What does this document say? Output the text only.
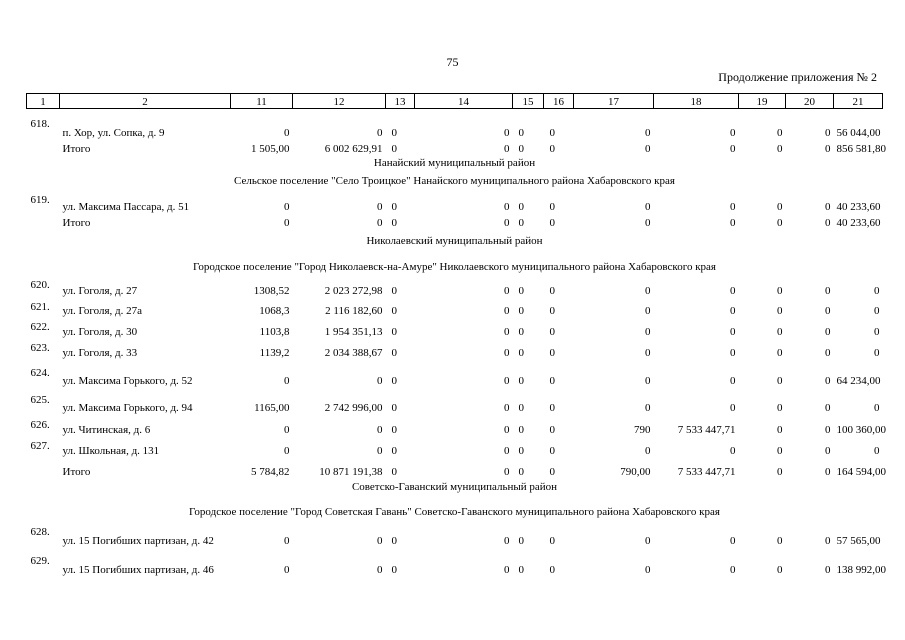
75
Продолжение приложения № 2
1	2	11	12	13	14	15	16	17	18	19	20	21
618.	п. Хор, ул. Сопка, д. 9	0	0	0	0	0	0	0	0	0	0	56 044,00
	Итого	1 505,00	6 002 629,91	0	0	0	0	0	0	0	0	856 581,80
Нанайский муниципальный район												
Сельское поселение "Село Троицкое" Нанайского муниципального района Хабаровского края												
619.	ул. Максима Пассара, д. 51	0	0	0	0	0	0	0	0	0	0	40 233,60
	Итого	0	0	0	0	0	0	0	0	0	0	40 233,60
Николаевский муниципальный район												
Городское поселение "Город Николаевск-на-Амуре" Николаевского муниципального района Хабаровского края												
620.	ул. Гоголя, д. 27	1308,52	2 023 272,98	0	0	0	0	0	0	0	0	0
621.	ул. Гоголя, д. 27а	1068,3	2 116 182,60	0	0	0	0	0	0	0	0	0
622.	ул. Гоголя, д. 30	1103,8	1 954 351,13	0	0	0	0	0	0	0	0	0
623.	ул. Гоголя, д. 33	1139,2	2 034 388,67	0	0	0	0	0	0	0	0	0
624.	ул. Максима Горького, д. 52	0	0	0	0	0	0	0	0	0	0	64 234,00
625.	ул. Максима Горького, д. 94	1165,00	2 742 996,00	0	0	0	0	0	0	0	0	0
626.	ул. Читинская, д. 6	0	0	0	0	0	0	790	7 533 447,71	0	0	100 360,00
627.	ул. Школьная, д. 131	0	0	0	0	0	0	0	0	0	0	0
	Итого	5 784,82	10 871 191,38	0	0	0	0	790,00	7 533 447,71	0	0	164 594,00
Советско-Гаванский муниципальный район												
Городское поселение "Город Советская Гавань" Советско-Гаванского муниципального района Хабаровского края												
628.	ул. 15 Погибших партизан, д. 42	0	0	0	0	0	0	0	0	0	0	57 565,00
629.	ул. 15 Погибших партизан, д. 46	0	0	0	0	0	0	0	0	0	0	138 992,00
